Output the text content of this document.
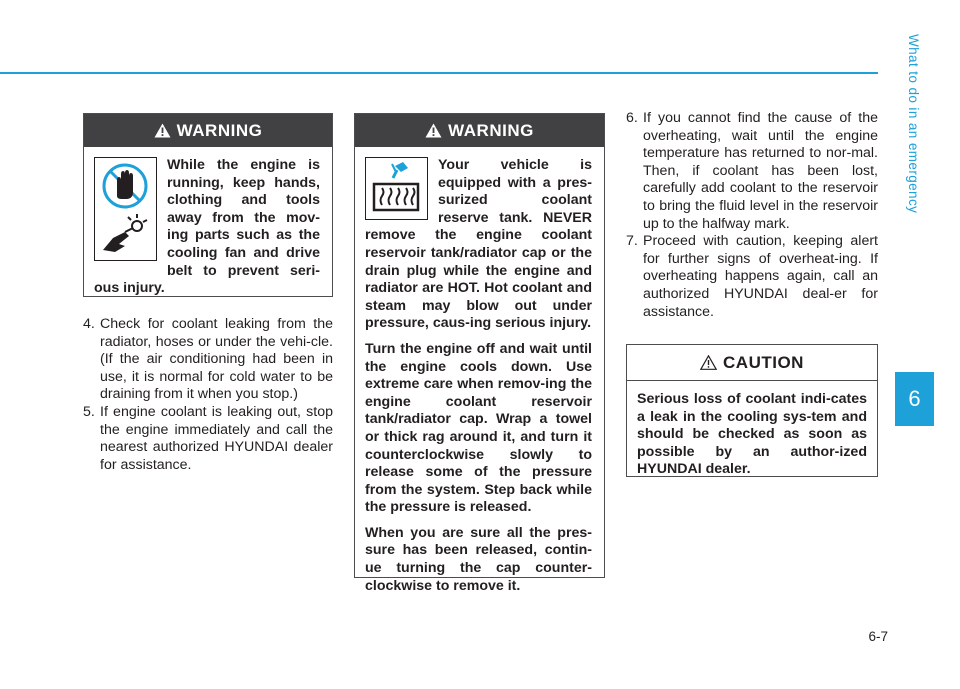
What to do in an emergency
6
6-7
WARNING
While the engine is running, keep hands, clothing and tools away from the mov-ing parts such as the cooling fan and drive belt to prevent seri-ous injury.
4. Check for coolant leaking from the radiator, hoses or under the vehi-cle. (If the air conditioning had been in use, it is normal for cold water to be draining from it when you stop.)
5. If engine coolant is leaking out, stop the engine immediately and call the nearest authorized HYUNDAI dealer for assistance.
WARNING
Your vehicle is equipped with a pres-surized coolant reserve tank. NEVER remove the engine coolant reservoir tank/radiator cap or the drain plug while the engine and radiator are HOT. Hot coolant and steam may blow out under pressure, caus-ing serious injury.
Turn the engine off and wait until the engine cools down. Use extreme care when remov-ing the engine coolant reservoir tank/radiator cap. Wrap a towel or thick rag around it, and turn it counterclockwise slowly to release some of the pressure from the system. Step back while the pressure is released.
When you are sure all the pres-sure has been released, contin-ue turning the cap counter-clockwise to remove it.
6. If you cannot find the cause of the overheating, wait until the engine temperature has returned to nor-mal. Then, if coolant has been lost, carefully add coolant to the reservoir to bring the fluid level in the reservoir up to the halfway mark.
7. Proceed with caution, keeping alert for further signs of overheat-ing. If overheating happens again, call an authorized HYUNDAI deal-er for assistance.
CAUTION
Serious loss of coolant indi-cates a leak in the cooling sys-tem and should be checked as soon as possible by an author-ized HYUNDAI dealer.
